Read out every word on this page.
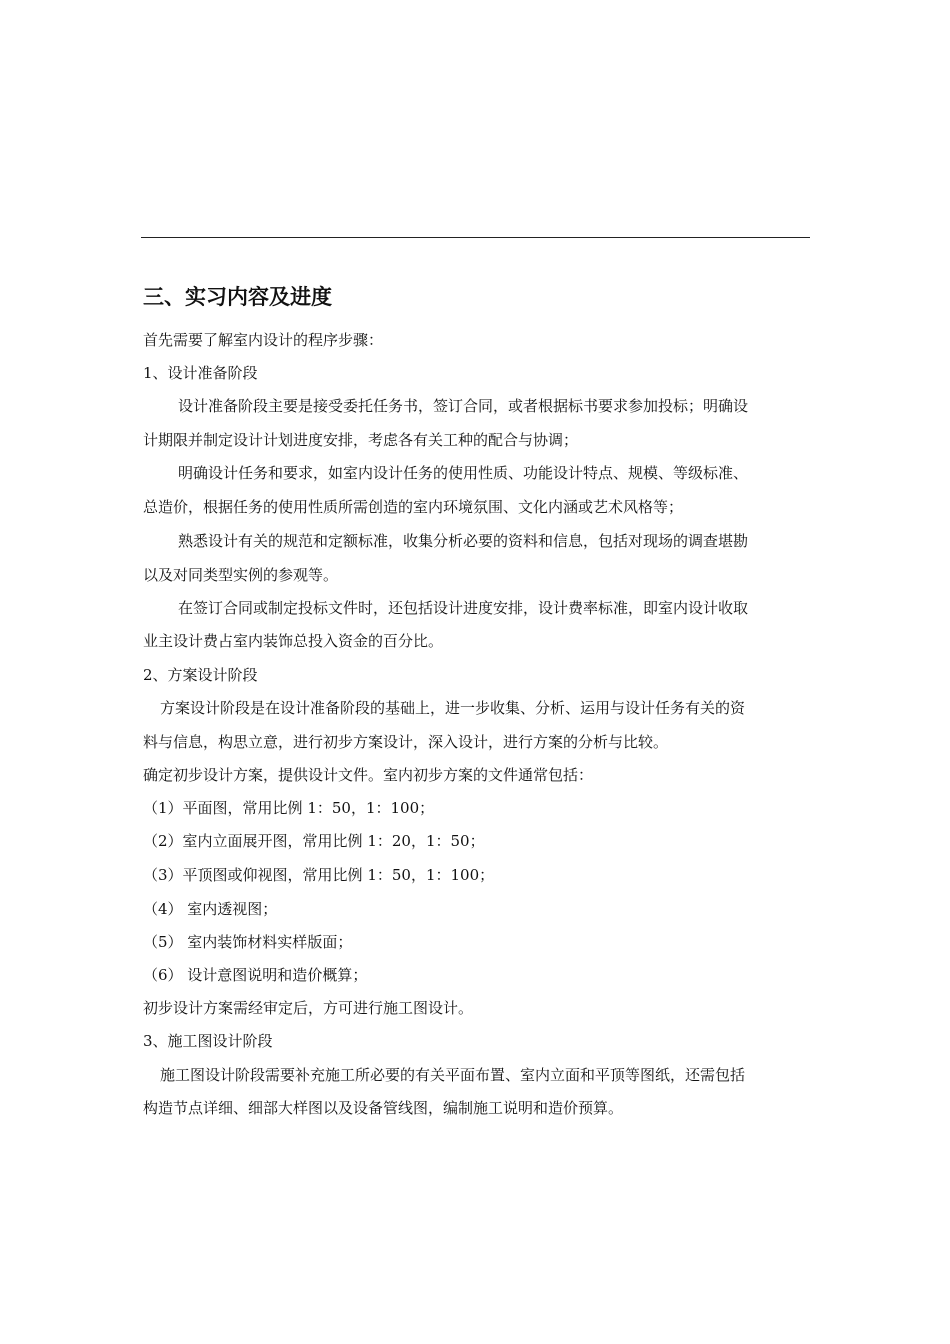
三、实习内容及进度
首先需要了解室内设计的程序步骤：
1、设计准备阶段
设计准备阶段主要是接受委托任务书，签订合同，或者根据标书要求参加投标；明确设
计期限并制定设计计划进度安排，考虑各有关工种的配合与协调；
明确设计任务和要求，如室内设计任务的使用性质、功能设计特点、规模、等级标准、
总造价，根据任务的使用性质所需创造的室内环境氛围、文化内涵或艺术风格等；
熟悉设计有关的规范和定额标准，收集分析必要的资料和信息，包括对现场的调查堪勘
以及对同类型实例的参观等。
在签订合同或制定投标文件时，还包括设计进度安排，设计费率标准，即室内设计收取
业主设计费占室内装饰总投入资金的百分比。
2、方案设计阶段
方案设计阶段是在设计准备阶段的基础上，进一步收集、分析、运用与设计任务有关的资
料与信息，构思立意，进行初步方案设计，深入设计，进行方案的分析与比较。
确定初步设计方案，提供设计文件。室内初步方案的文件通常包括：
（1）平面图，常用比例 1：50，1：100；
（2）室内立面展开图，常用比例 1：20，1：50；
（3）平顶图或仰视图，常用比例 1：50，1：100；
（4） 室内透视图；
（5） 室内装饰材料实样版面；
（6） 设计意图说明和造价概算；
初步设计方案需经审定后，方可进行施工图设计。
3、施工图设计阶段
施工图设计阶段需要补充施工所必要的有关平面布置、室内立面和平顶等图纸，还需包括
构造节点详细、细部大样图以及设备管线图，编制施工说明和造价预算。
